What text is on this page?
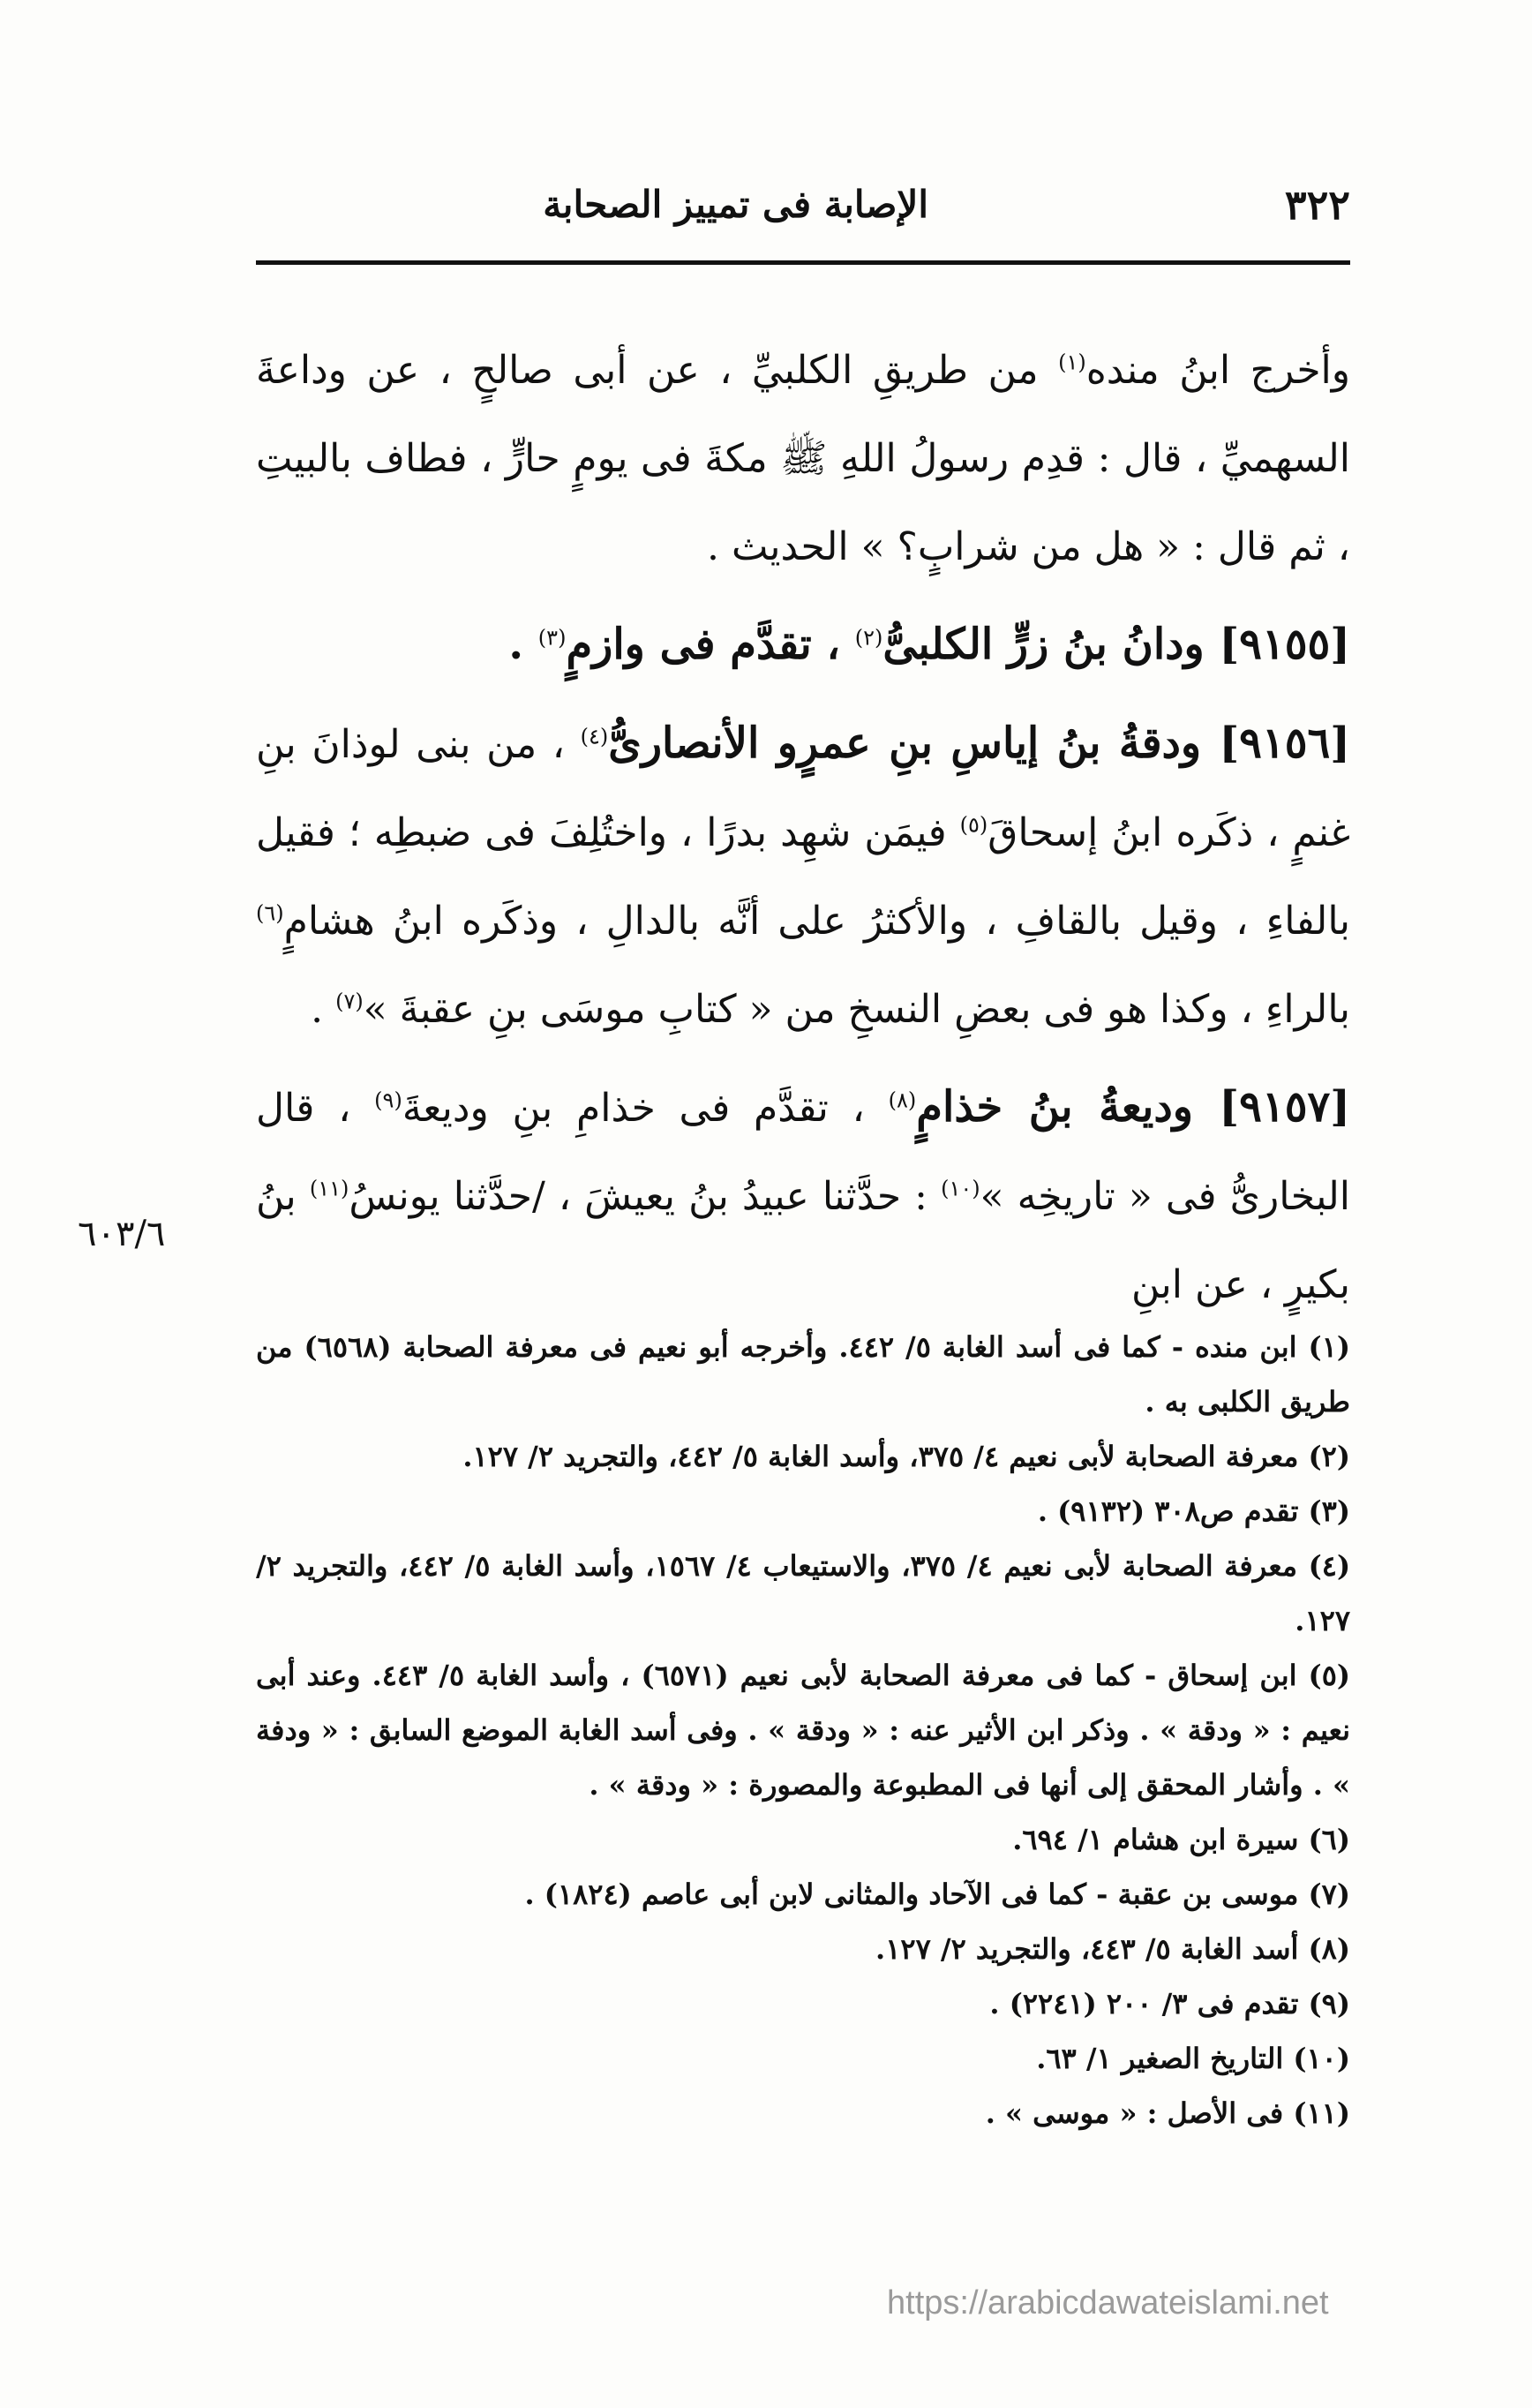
٣٢٢
الإصابة فى تمييز الصحابة

وأخرج ابنُ منده$^{(١)}$ من طريقِ الكلبيِّ ، عن أبى صالحٍ ، عن وداعةَ السهميِّ ، قال : قدِم رسولُ اللهِ ﷺ مكةَ فى يومٍ حارٍّ ، فطاف بالبيتِ ، ثم قال : « هل من شرابٍ؟ » الحديث .

[٩١٥٥] ودانُ بنُ زرٍّ الكلبىُّ$^{(٢)}$ ، تقدَّم فى وازمٍ$^{(٣)}$ .

[٩١٥٦] ودقةُ بنُ إياسِ بنِ عمرٍو الأنصارىُّ$^{(٤)}$ ، من بنى لوذانَ بنِ غنمٍ ، ذكَره ابنُ إسحاقَ$^{(٥)}$ فيمَن شهِد بدرًا ، واختُلِفَ فى ضبطِه ؛ فقيل بالفاءِ ، وقيل بالقافِ ، والأكثرُ على أنَّه بالدالِ ، وذكَره ابنُ هشامٍ$^{(٦)}$ بالراءِ ، وكذا هو فى بعضِ النسخِ من « كتابِ موسَى بنِ عقبةَ »$^{(٧)}$ .

[٩١٥٧] وديعةُ بنُ خذامٍ$^{(٨)}$ ، تقدَّم فى خذامِ بنِ وديعةَ$^{(٩)}$ ، قال البخارىُّ فى « تاريخِه »$^{(١٠)}$ : حدَّثنا عبيدُ بنُ يعيشَ ، /حدَّثنا يونسُ$^{(١١)}$ بنُ بكيرٍ ، عن ابنِ

٦٠٣/٦

(١) ابن منده - كما فى أسد الغابة ٥/ ٤٤٢. وأخرجه أبو نعيم فى معرفة الصحابة (٦٥٦٨) من طريق الكلبى به .

(٢) معرفة الصحابة لأبى نعيم ٤/ ٣٧٥، وأسد الغابة ٥/ ٤٤٢، والتجريد ٢/ ١٢٧.

(٣) تقدم ص٣٠٨ (٩١٣٢) .

(٤) معرفة الصحابة لأبى نعيم ٤/ ٣٧٥، والاستيعاب ٤/ ١٥٦٧، وأسد الغابة ٥/ ٤٤٢، والتجريد ٢/ ١٢٧.

(٥) ابن إسحاق - كما فى معرفة الصحابة لأبى نعيم (٦٥٧١) ، وأسد الغابة ٥/ ٤٤٣. وعند أبى نعيم : « ودقة » . وذكر ابن الأثير عنه : « ودقة » . وفى أسد الغابة الموضع السابق : « ودفة » . وأشار المحقق إلى أنها فى المطبوعة والمصورة : « ودقة » .

(٦) سيرة ابن هشام ١/ ٦٩٤.

(٧) موسى بن عقبة - كما فى الآحاد والمثانى لابن أبى عاصم (١٨٢٤) .

(٨) أسد الغابة ٥/ ٤٤٣، والتجريد ٢/ ١٢٧.

(٩) تقدم فى ٣/ ٢٠٠ (٢٢٤١) .

(١٠) التاريخ الصغير ١/ ٦٣.

(١١) فى الأصل : « موسى » .

https://arabicdawateislami.net
